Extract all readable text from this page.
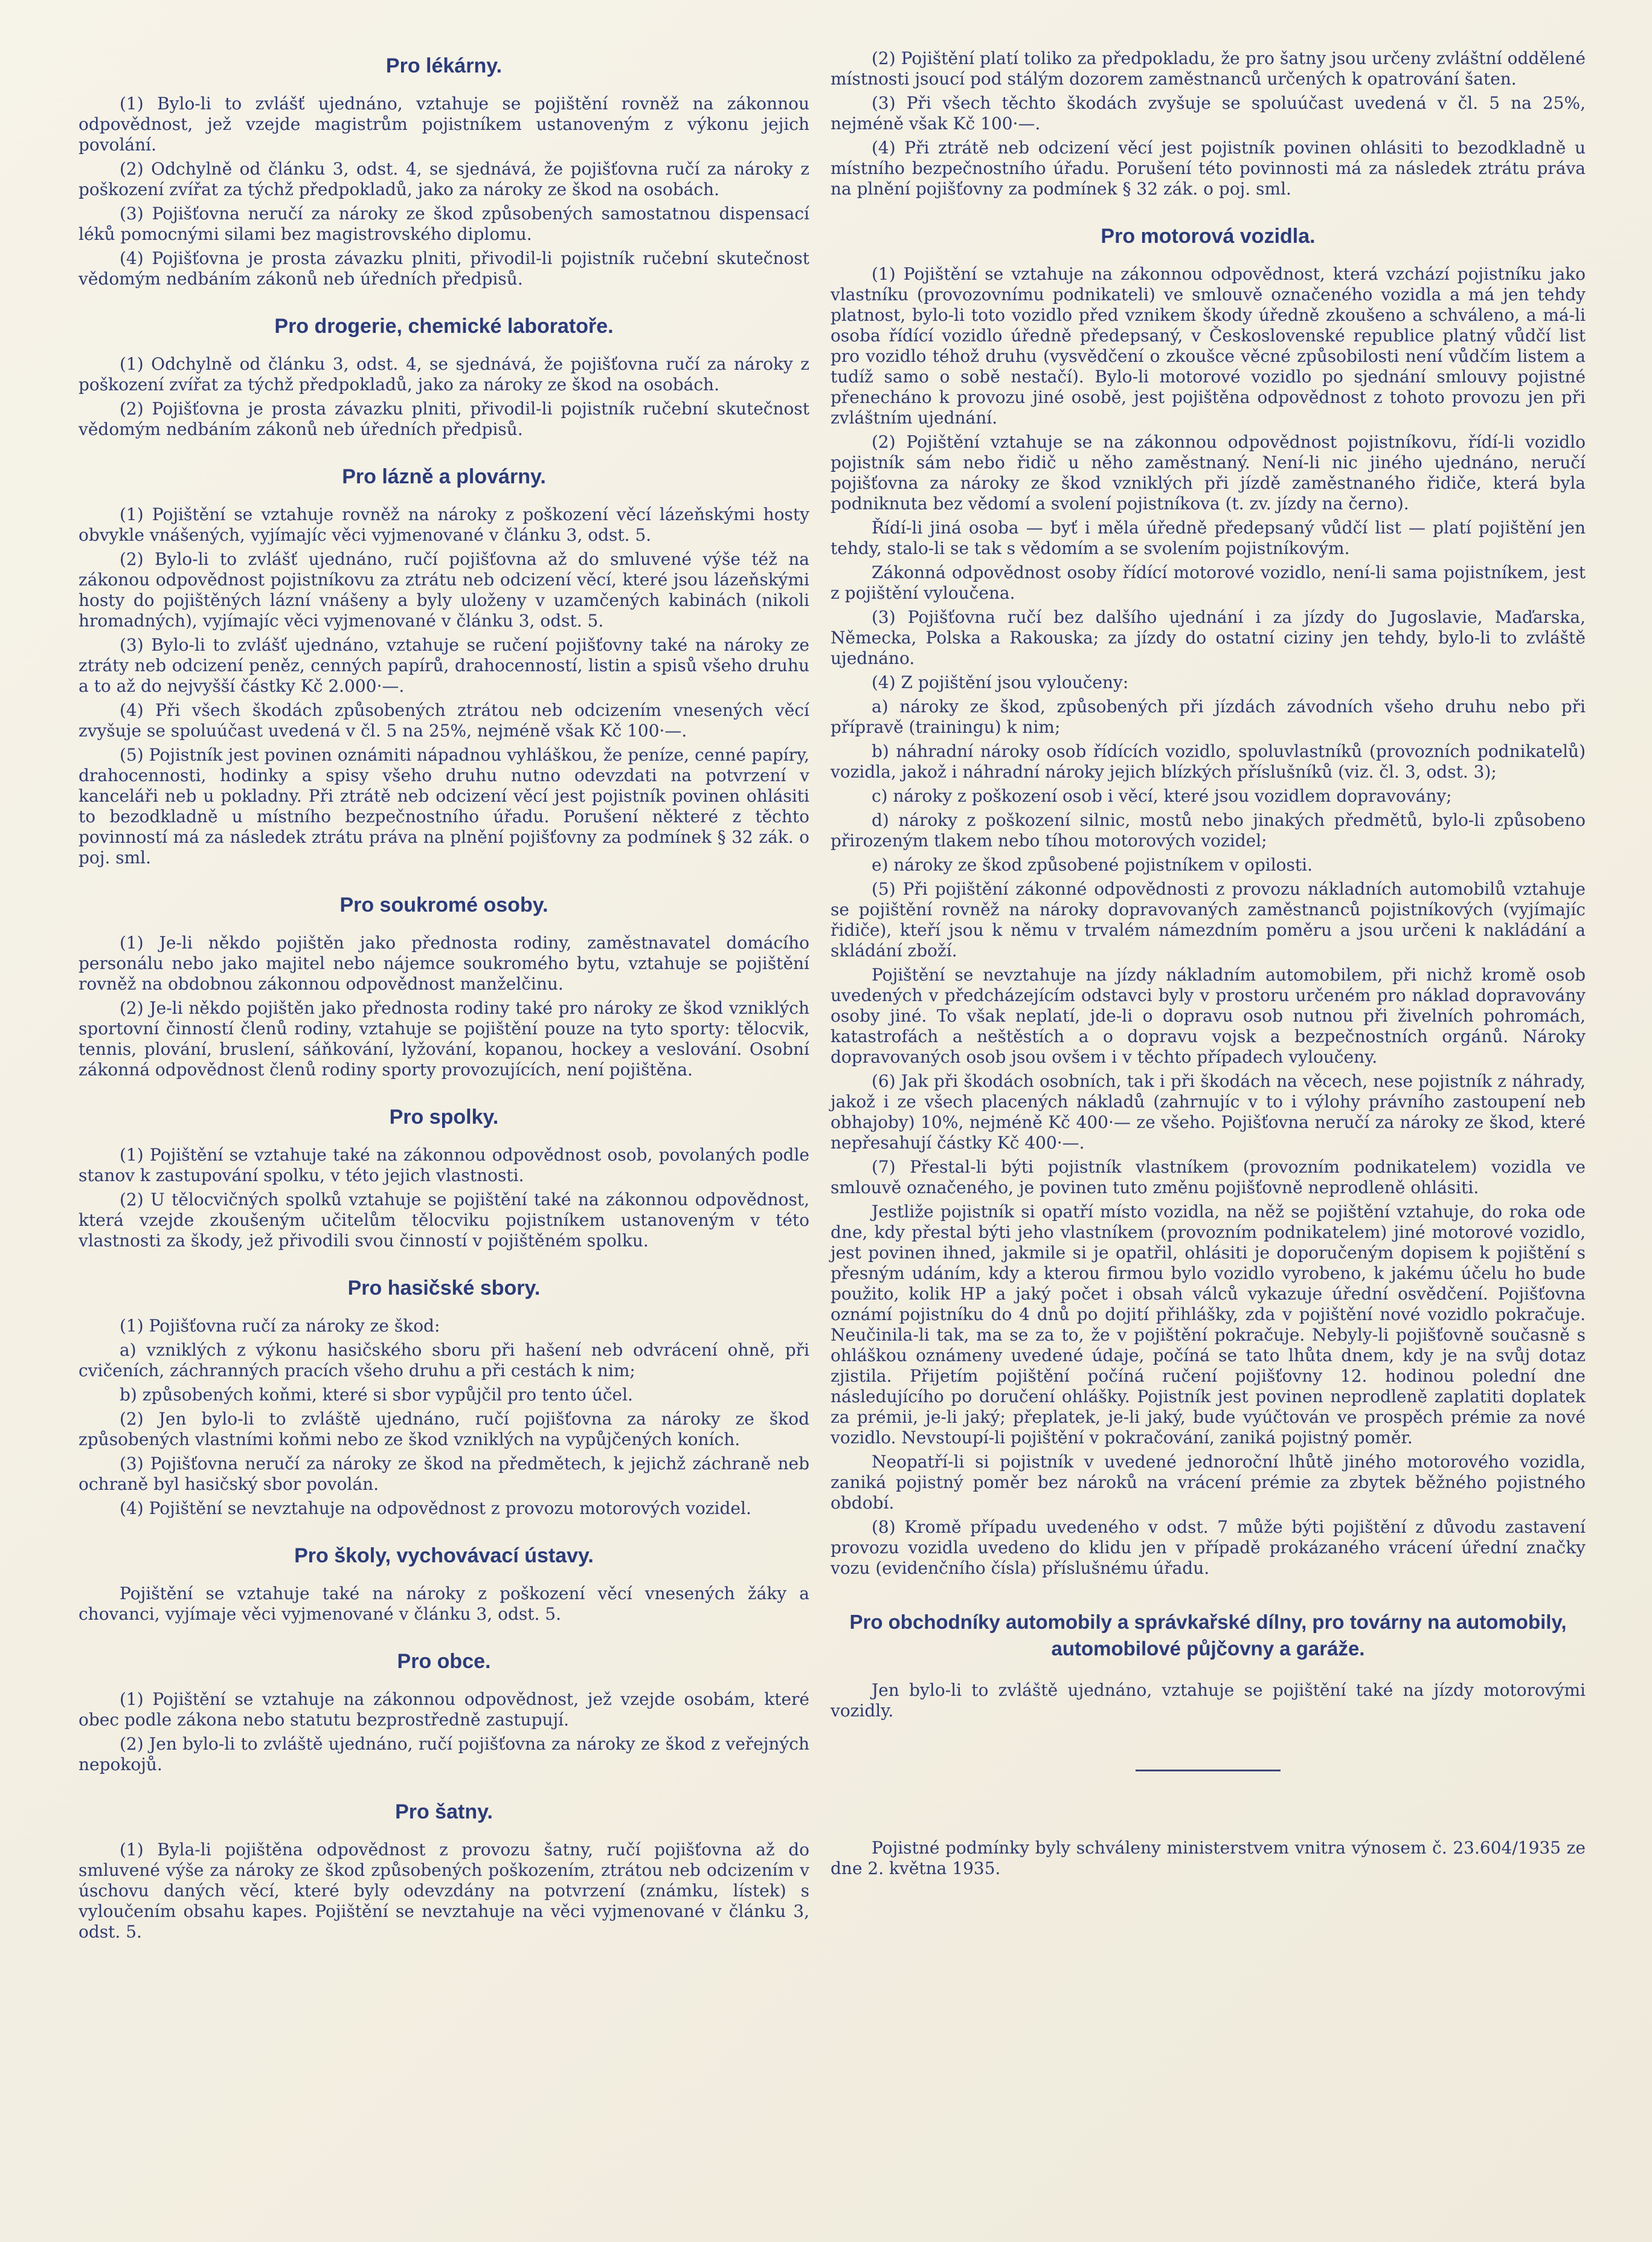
Pro lékárny.

(1) Bylo-li to zvlášť ujednáno, vztahuje se pojištění rovněž na zákonnou odpovědnost, jež vzejde magistrům pojistníkem ustanoveným z výkonu jejich povolání.

(2) Odchylně od článku 3, odst. 4, se sjednává, že pojišťovna ručí za nároky z poškození zvířat za týchž předpokladů, jako za nároky ze škod na osobách.

(3) Pojišťovna neručí za nároky ze škod způsobených samostatnou dispensací léků pomocnými silami bez magistrovského diplomu.

(4) Pojišťovna je prosta závazku plniti, přivodil-li pojistník ručební skutečnost vědomým nedbáním zákonů neb úředních předpisů.

Pro drogerie, chemické laboratoře.

(1) Odchylně od článku 3, odst. 4, se sjednává, že pojišťovna ručí za nároky z poškození zvířat za týchž předpokladů, jako za nároky ze škod na osobách.

(2) Pojišťovna je prosta závazku plniti, přivodil-li pojistník ručební skutečnost vědomým nedbáním zákonů neb úředních předpisů.

Pro lázně a plovárny.

(1) Pojištění se vztahuje rovněž na nároky z poškození věcí lázeňskými hosty obvykle vnášených, vyjímajíc věci vyjmenované v článku 3, odst. 5.

(2) Bylo-li to zvlášť ujednáno, ručí pojišťovna až do smluvené výše též na zákonou odpovědnost pojistníkovu za ztrátu neb odcizení věcí, které jsou lázeňskými hosty do pojištěných lázní vnášeny a byly uloženy v uzamčených kabinách (nikoli hromadných), vyjímajíc věci vyjmenované v článku 3, odst. 5.

(3) Bylo-li to zvlášť ujednáno, vztahuje se ručení pojišťovny také na nároky ze ztráty neb odcizení peněz, cenných papírů, drahocenností, listin a spisů všeho druhu a to až do nejvyšší částky Kč 2.000·—.

(4) Při všech škodách způsobených ztrátou neb odcizením vnesených věcí zvyšuje se spoluúčast uvedená v čl. 5 na 25%, nejméně však Kč 100·—.

(5) Pojistník jest povinen oznámiti nápadnou vyhláškou, že peníze, cenné papíry, drahocennosti, hodinky a spisy všeho druhu nutno odevzdati na potvrzení v kanceláři neb u pokladny. Při ztrátě neb odcizení věcí jest pojistník povinen ohlásiti to bezodkladně u místního bezpečnostního úřadu. Porušení některé z těchto povinností má za následek ztrátu práva na plnění pojišťovny za podmínek § 32 zák. o poj. sml.

Pro soukromé osoby.

(1) Je-li někdo pojištěn jako přednosta rodiny, zaměstnavatel domácího personálu nebo jako majitel nebo nájemce soukromého bytu, vztahuje se pojištění rovněž na obdobnou zákonnou odpovědnost manželčinu.

(2) Je-li někdo pojištěn jako přednosta rodiny také pro nároky ze škod vzniklých sportovní činností členů rodiny, vztahuje se pojištění pouze na tyto sporty: tělocvik, tennis, plování, bruslení, sáňkování, lyžování, kopanou, hockey a veslování. Osobní zákonná odpovědnost členů rodiny sporty provozujících, není pojištěna.

Pro spolky.

(1) Pojištění se vztahuje také na zákonnou odpovědnost osob, povolaných podle stanov k zastupování spolku, v této jejich vlastnosti.

(2) U tělocvičných spolků vztahuje se pojištění také na zákonnou odpovědnost, která vzejde zkoušeným učitelům tělocviku pojistníkem ustanoveným v této vlastnosti za škody, jež přivodili svou činností v pojištěném spolku.

Pro hasičské sbory.

(1) Pojišťovna ručí za nároky ze škod:

a) vzniklých z výkonu hasičského sboru při hašení neb odvrácení ohně, při cvičeních, záchranných pracích všeho druhu a při cestách k nim;

b) způsobených koňmi, které si sbor vypůjčil pro tento účel.

(2) Jen bylo-li to zvláště ujednáno, ručí pojišťovna za nároky ze škod způsobených vlastními koňmi nebo ze škod vzniklých na vypůjčených koních.

(3) Pojišťovna neručí za nároky ze škod na předmětech, k jejichž záchraně neb ochraně byl hasičský sbor povolán.

(4) Pojištění se nevztahuje na odpovědnost z provozu motorových vozidel.

Pro školy, vychovávací ústavy.

Pojištění se vztahuje také na nároky z poškození věcí vnesených žáky a chovanci, vyjímaje věci vyjmenované v článku 3, odst. 5.

Pro obce.

(1) Pojištění se vztahuje na zákonnou odpovědnost, jež vzejde osobám, které obec podle zákona nebo statutu bezprostředně zastupují.

(2) Jen bylo-li to zvláště ujednáno, ručí pojišťovna za nároky ze škod z veřejných nepokojů.

Pro šatny.

(1) Byla-li pojištěna odpovědnost z provozu šatny, ručí pojišťovna až do smluvené výše za nároky ze škod způsobených poškozením, ztrátou neb odcizením v úschovu daných věcí, které byly odevzdány na potvrzení (známku, lístek) s vyloučením obsahu kapes. Pojištění se nevztahuje na věci vyjmenované v článku 3, odst. 5.

(2) Pojištění platí toliko za předpokladu, že pro šatny jsou určeny zvláštní oddělené místnosti jsoucí pod stálým dozorem zaměstnanců určených k opatrování šaten.

(3) Při všech těchto škodách zvyšuje se spoluúčast uvedená v čl. 5 na 25%, nejméně však Kč 100·—.

(4) Při ztrátě neb odcizení věcí jest pojistník povinen ohlásiti to bezodkladně u místního bezpečnostního úřadu. Porušení této povinnosti má za následek ztrátu práva na plnění pojišťovny za podmínek § 32 zák. o poj. sml.

Pro motorová vozidla.

(1) Pojištění se vztahuje na zákonnou odpovědnost, která vzchází pojistníku jako vlastníku (provozovnímu podnikateli) ve smlouvě označeného vozidla a má jen tehdy platnost, bylo-li toto vozidlo před vznikem škody úředně zkoušeno a schváleno, a má-li osoba řídící vozidlo úředně předepsaný, v Československé republice platný vůdčí list pro vozidlo téhož druhu (vysvědčení o zkoušce věcné způsobilosti není vůdčím listem a tudíž samo o sobě nestačí). Bylo-li motorové vozidlo po sjednání smlouvy pojistné přenecháno k provozu jiné osobě, jest pojištěna odpovědnost z tohoto provozu jen při zvláštním ujednání.

(2) Pojištění vztahuje se na zákonnou odpovědnost pojistníkovu, řídí-li vozidlo pojistník sám nebo řidič u něho zaměstnaný. Není-li nic jiného ujednáno, neručí pojišťovna za nároky ze škod vzniklých při jízdě zaměstnaného řidiče, která byla podniknuta bez vědomí a svolení pojistníkova (t. zv. jízdy na černo).

Řídí-li jiná osoba — byť i měla úředně předepsaný vůdčí list — platí pojištění jen tehdy, stalo-li se tak s vědomím a se svolením pojistníkovým.

Zákonná odpovědnost osoby řídící motorové vozidlo, není-li sama pojistníkem, jest z pojištění vyloučena.

(3) Pojišťovna ručí bez dalšího ujednání i za jízdy do Jugoslavie, Maďarska, Německa, Polska a Rakouska; za jízdy do ostatní ciziny jen tehdy, bylo-li to zvláště ujednáno.

(4) Z pojištění jsou vyloučeny:

a) nároky ze škod, způsobených při jízdách závodních všeho druhu nebo při přípravě (trainingu) k nim;

b) náhradní nároky osob řídících vozidlo, spoluvlastníků (provozních podnikatelů) vozidla, jakož i náhradní nároky jejich blízkých příslušníků (viz. čl. 3, odst. 3);

c) nároky z poškození osob i věcí, které jsou vozidlem dopravovány;

d) nároky z poškození silnic, mostů nebo jinakých předmětů, bylo-li způsobeno přirozeným tlakem nebo tíhou motorových vozidel;

e) nároky ze škod způsobené pojistníkem v opilosti.

(5) Při pojištění zákonné odpovědnosti z provozu nákladních automobilů vztahuje se pojištění rovněž na nároky dopravovaných zaměstnanců pojistníkových (vyjímajíc řidiče), kteří jsou k němu v trvalém námezdním poměru a jsou určeni k nakládání a skládání zboží.

Pojištění se nevztahuje na jízdy nákladním automobilem, při nichž kromě osob uvedených v předcházejícím odstavci byly v prostoru určeném pro náklad dopravovány osoby jiné. To však neplatí, jde-li o dopravu osob nutnou při živelních pohromách, katastrofách a neštěstích a o dopravu vojsk a bezpečnostních orgánů. Nároky dopravovaných osob jsou ovšem i v těchto případech vyloučeny.

(6) Jak při škodách osobních, tak i při škodách na věcech, nese pojistník z náhrady, jakož i ze všech placených nákladů (zahrnujíc v to i výlohy právního zastoupení neb obhajoby) 10%, nejméně Kč 400·— ze všeho. Pojišťovna neručí za nároky ze škod, které nepřesahují částky Kč 400·—.

(7) Přestal-li býti pojistník vlastníkem (provozním podnikatelem) vozidla ve smlouvě označeného, je povinen tuto změnu pojišťovně neprodleně ohlásiti.

Jestliže pojistník si opatří místo vozidla, na něž se pojištění vztahuje, do roka ode dne, kdy přestal býti jeho vlastníkem (provozním podnikatelem) jiné motorové vozidlo, jest povinen ihned, jakmile si je opatřil, ohlásiti je doporučeným dopisem k pojištění s přesným udáním, kdy a kterou firmou bylo vozidlo vyrobeno, k jakému účelu ho bude použito, kolik HP a jaký počet i obsah válců vykazuje úřední osvědčení. Pojišťovna oznámí pojistníku do 4 dnů po dojití přihlášky, zda v pojištění nové vozidlo pokračuje. Neučinila-li tak, ma se za to, že v pojištění pokračuje. Nebyly-li pojišťovně současně s ohláškou oznámeny uvedené údaje, počíná se tato lhůta dnem, kdy je na svůj dotaz zjistila. Přijetím pojištění počíná ručení pojišťovny 12. hodinou polední dne následujícího po doručení ohlášky. Pojistník jest povinen neprodleně zaplatiti doplatek za prémii, je-li jaký; přeplatek, je-li jaký, bude vyúčtován ve prospěch prémie za nové vozidlo. Nevstoupí-li pojištění v pokračování, zaniká pojistný poměr.

Neopatří-li si pojistník v uvedené jednoroční lhůtě jiného motorového vozidla, zaniká pojistný poměr bez nároků na vrácení prémie za zbytek běžného pojistného období.

(8) Kromě případu uvedeného v odst. 7 může býti pojištění z důvodu zastavení provozu vozidla uvedeno do klidu jen v případě prokázaného vrácení úřední značky vozu (evidenčního čísla) příslušnému úřadu.

Pro obchodníky automobily a správkařské dílny, pro továrny na automobily, automobilové půjčovny a garáže.

Jen bylo-li to zvláště ujednáno, vztahuje se pojištění také na jízdy motorovými vozidly.

Pojistné podmínky byly schváleny ministerstvem vnitra výnosem č. 23.604/1935 ze dne 2. května 1935.
